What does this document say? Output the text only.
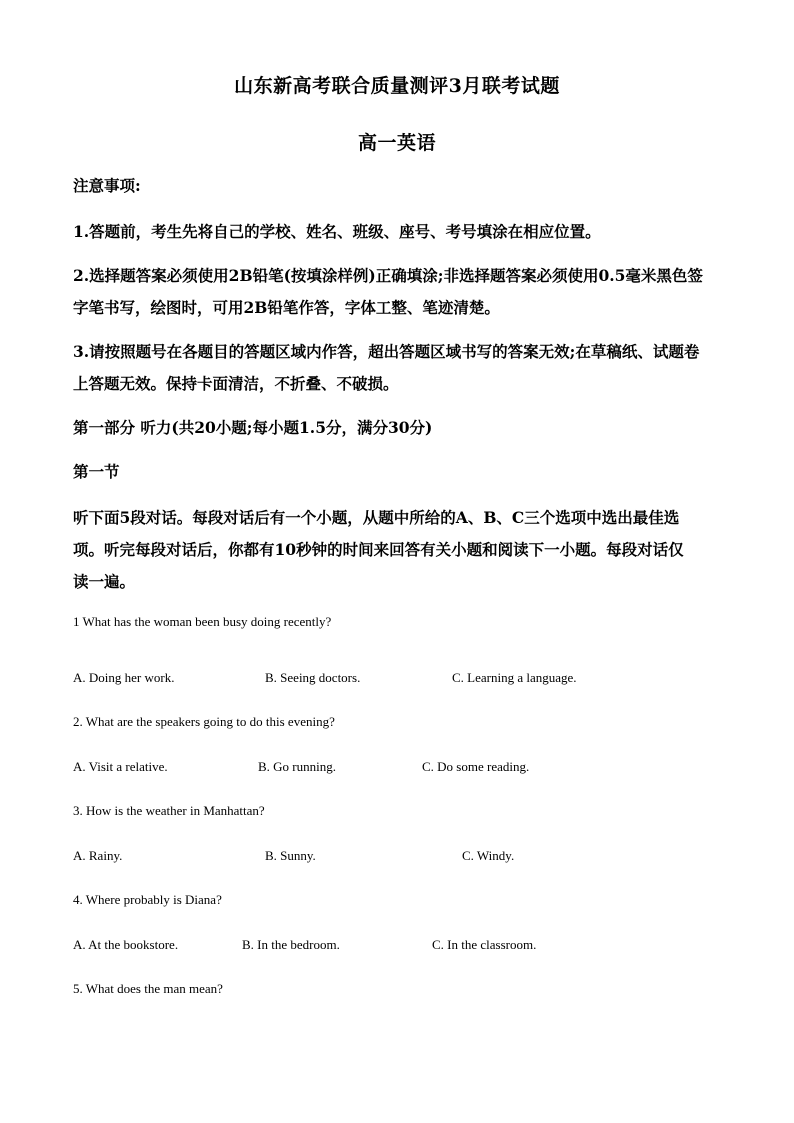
山东新高考联合质量测评3月联考试题
高一英语
注意事项:
1.答题前，考生先将自己的学校、姓名、班级、座号、考号填涂在相应位置。
2.选择题答案必须使用2B铅笔(按填涂样例)正确填涂;非选择题答案必须使用0.5毫米黑色签
字笔书写，绘图时，可用2B铅笔作答，字体工整、笔迹清楚。
3.请按照题号在各题目的答题区域内作答，超出答题区域书写的答案无效;在草稿纸、试题卷
上答题无效。保持卡面清洁，不折叠、不破损。
第一部分 听力(共20小题;每小题1.5分，满分30分)
第一节
听下面5段对话。每段对话后有一个小题，从题中所给的A、B、C三个选项中选出最佳选
项。听完每段对话后，你都有10秒钟的时间来回答有关小题和阅读下一小题。每段对话仅
读一遍。
1 What has the woman been busy doing recently?
A. Doing her work.	B. Seeing doctors.	C. Learning a language.
2. What are the speakers going to do this evening?
A. Visit a relative.	B. Go running.	C. Do some reading.
3. How is the weather in Manhattan?
A. Rainy.	B. Sunny.	C. Windy.
4. Where probably is Diana?
A. At the bookstore.	B. In the bedroom.	C. In the classroom.
5. What does the man mean?
